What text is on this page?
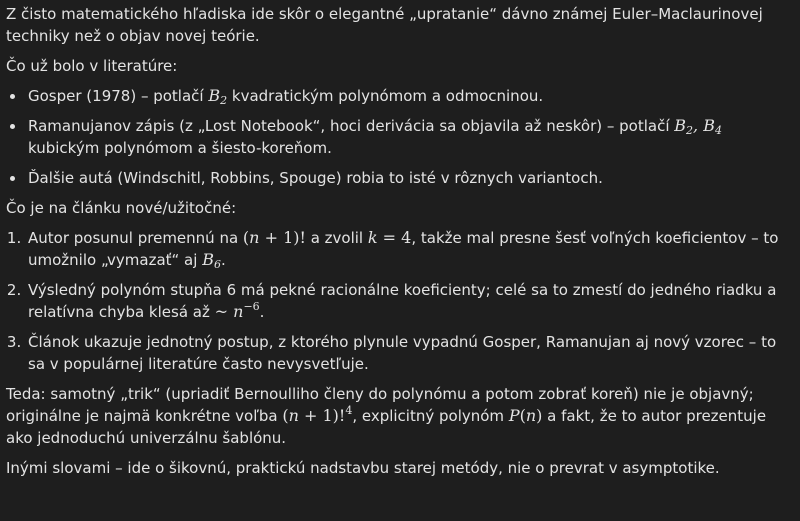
Z čisto matematického hľadiska ide skôr o elegantné „upratanie“ dávno známej Euler–Maclaurinovej techniky než o objav novej teórie.

Čo už bolo v literatúre:

• Gosper (1978) – potlačí $B_2$ kvadratickým polynómom a odmocninou.
• Ramanujanov zápis (z „Lost Notebook“, hoci derivácia sa objavila až neskôr) – potlačí $B_2$, $B_4$ kubickým polynómom a šiesto-koreňom.
• Ďalšie autá (Windschitl, Robbins, Spouge) robia to isté v rôznych variantoch.

Čo je na článku nové/užitočné:

1. Autor posunul premennú na (n + 1)! a zvolil k = 4, takže mal presne šesť voľných koeficientov – to umožnilo „vymazať“ aj $B_6$.
2. Výsledný polynóm stupňa 6 má pekné racionálne koeficienty; celé sa to zmestí do jedného riadku a relatívna chyba klesá až ~ $n^{-6}$.
3. Článok ukazuje jednotný postup, z ktorého plynule vypadnú Gosper, Ramanujan aj nový vzorec – to sa v populárnej literatúre často nevysvetľuje.

Teda: samotný „trik“ (upriadiť Bernoulliho členy do polynómu a potom zobrať koreň) nie je objavný; originálne je najmä konkrétne voľba (n + 1)!$^4$, explicitný polynóm P(n) a fakt, že to autor prezentuje ako jednoduchú univerzálnu šablónu.

Inými slovami – ide o šikovnú, praktickú nadstavbu starej metódy, nie o prevrat v asymptotike.
